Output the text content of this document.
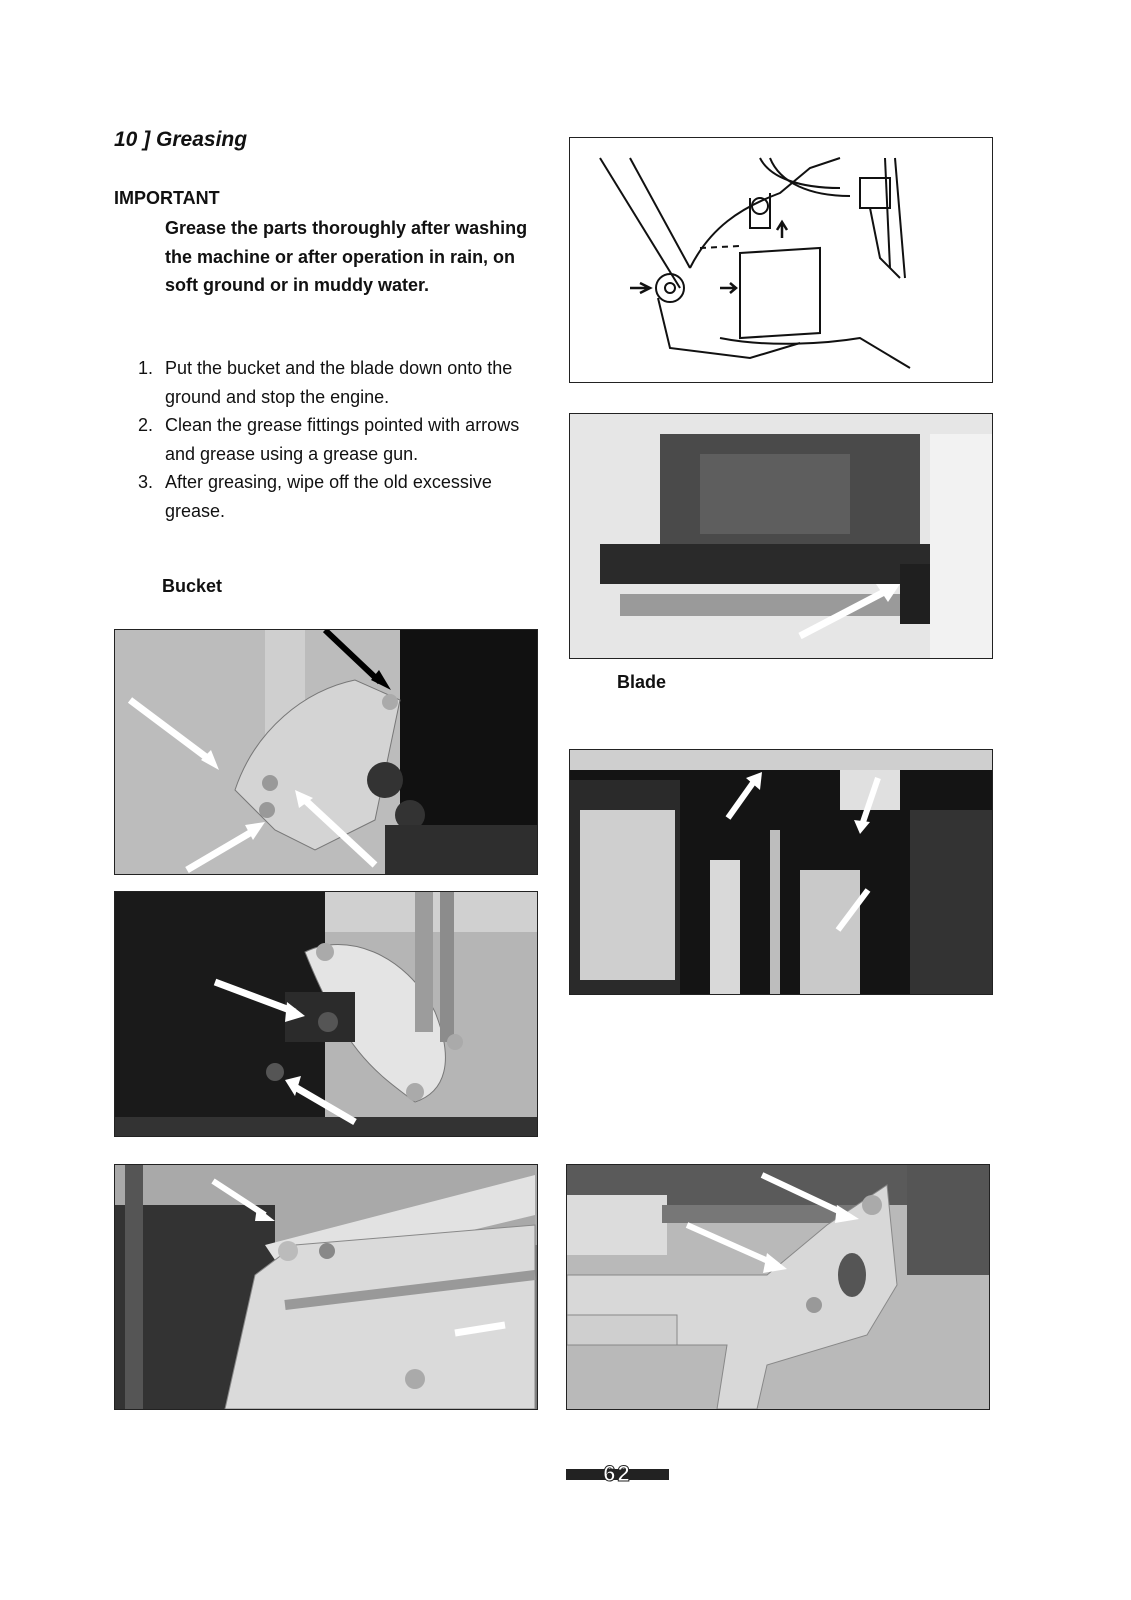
10 ] Greasing
IMPORTANT
Grease the parts thoroughly after washing the machine or after operation in rain, on soft ground or in muddy water.
1. Put the bucket and the blade down onto the ground and stop the engine.
2. Clean the grease fittings pointed with arrows and grease using a grease gun.
3. After greasing, wipe off the old excessive grease.
Bucket
Blade
62
